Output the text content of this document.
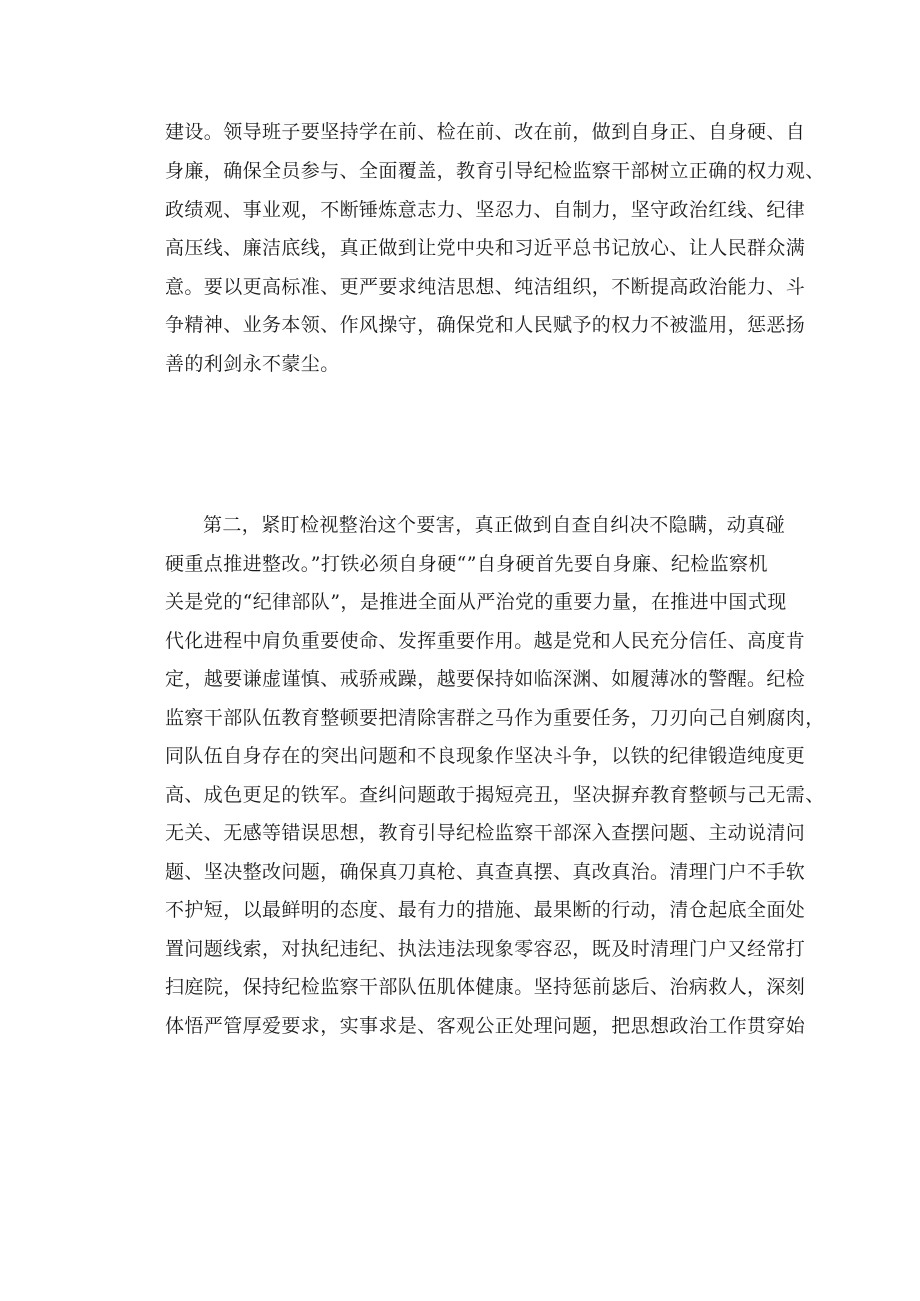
建设。领导班子要坚持学在前、检在前、改在前，做到自身正、自身硬、自
身廉，确保全员参与、全面覆盖，教育引导纪检监察干部树立正确的权力观、
政绩观、事业观，不断锤炼意志力、坚忍力、自制力，坚守政治红线、纪律
高压线、廉洁底线，真正做到让党中央和习近平总书记放心、让人民群众满
意。要以更高标准、更严要求纯洁思想、纯洁组织，不断提高政治能力、斗
争精神、业务本领、作风操守，确保党和人民赋予的权力不被滥用，惩恶扬
善的利剑永不蒙尘。
第二，紧盯检视整治这个要害，真正做到自查自纠决不隐瞒，动真碰
硬重点推进整改。”打铁必须自身硬“”自身硬首先要自身廉、纪检监察机
关是党的“纪律部队”，是推进全面从严治党的重要力量，在推进中国式现
代化进程中肩负重要使命、发挥重要作用。越是党和人民充分信任、高度肯
定，越要谦虚谨慎、戒骄戒躁，越要保持如临深渊、如履薄冰的警醒。纪检
监察干部队伍教育整顿要把清除害群之马作为重要任务，刀刃向己自剜腐肉，
同队伍自身存在的突出问题和不良现象作坚决斗争，以铁的纪律锻造纯度更
高、成色更足的铁军。查纠问题敢于揭短亮丑，坚决摒弃教育整顿与己无需、
无关、无感等错误思想，教育引导纪检监察干部深入查摆问题、主动说清问
题、坚决整改问题，确保真刀真枪、真查真摆、真改真治。清理门户不手软
不护短，以最鲜明的态度、最有力的措施、最果断的行动，清仓起底全面处
置问题线索，对执纪违纪、执法违法现象零容忍，既及时清理门户又经常打
扫庭院，保持纪检监察干部队伍肌体健康。坚持惩前毖后、治病救人，深刻
体悟严管厚爱要求，实事求是、客观公正处理问题，把思想政治工作贯穿始
